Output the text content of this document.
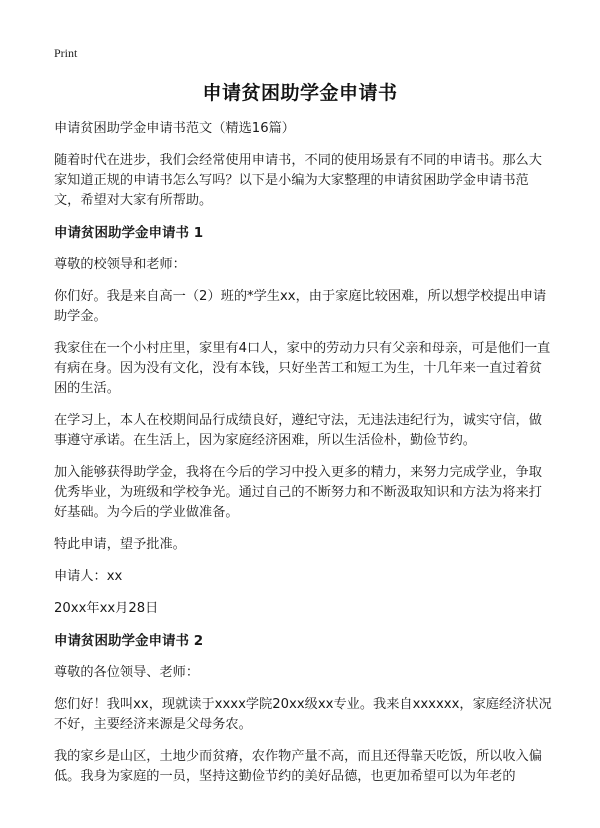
Print
申请贫困助学金申请书

申请贫困助学金申请书范文（精选16篇）

随着时代在进步，我们会经常使用申请书，不同的使用场景有不同的申请书。那么大家知道正规的申请书怎么写吗？以下是小编为大家整理的申请贫困助学金申请书范文，希望对大家有所帮助。

申请贫困助学金申请书 1

尊敬的校领导和老师：

你们好。我是来自高一（2）班的*学生xx，由于家庭比较困难，所以想学校提出申请助学金。

我家住在一个小村庄里，家里有4口人，家中的劳动力只有父亲和母亲，可是他们一直有病在身。因为没有文化，没有本钱，只好坐苦工和短工为生，十几年来一直过着贫困的生活。

在学习上，本人在校期间品行成绩良好，遵纪守法，无违法违纪行为，诚实守信，做事遵守承诺。在生活上，因为家庭经济困难，所以生活俭朴，勤俭节约。

加入能够获得助学金，我将在今后的学习中投入更多的精力，来努力完成学业，争取优秀毕业，为班级和学校争光。通过自己的不断努力和不断汲取知识和方法为将来打好基础。为今后的学业做准备。

特此申请，望予批准。

申请人：xx

20xx年xx月28日

申请贫困助学金申请书 2

尊敬的各位领导、老师：

您们好！我叫xx，现就读于xxxx学院20xx级xx专业。我来自xxxxxx，家庭经济状况不好，主要经济来源是父母务农。

我的家乡是山区，土地少而贫瘠，农作物产量不高，而且还得靠天吃饭，所以收入偏低。我身为家庭的一员，坚持这勤俭节约的美好品德，也更加希望可以为年老的
